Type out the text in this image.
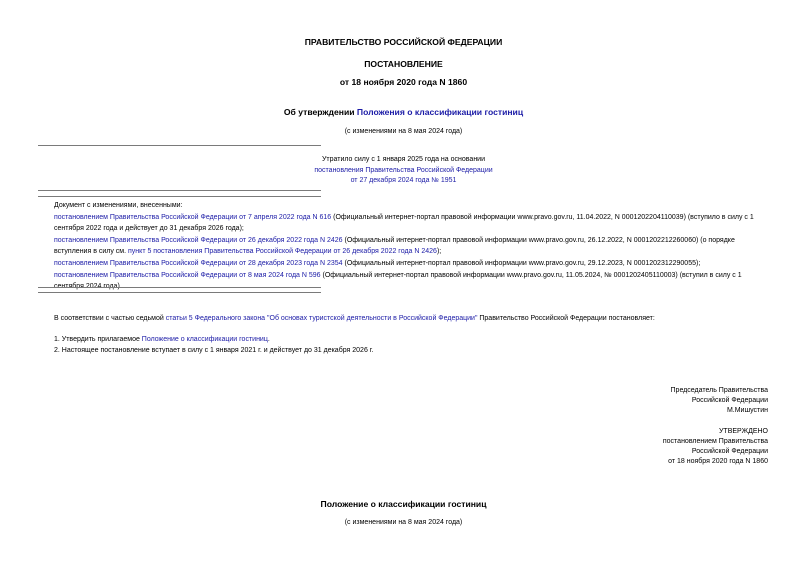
ПРАВИТЕЛЬСТВО РОССИЙСКОЙ ФЕДЕРАЦИИ
ПОСТАНОВЛЕНИЕ
от 18 ноября 2020 года N 1860
Об утверждении Положения о классификации гостиниц
(с изменениями на 8 мая 2024 года)
Утратило силу с 1 января 2025 года на основании
постановления Правительства Российской Федерации
от 27 декабря 2024 года № 1951
Документ с изменениями, внесенными:
постановлением Правительства Российской Федерации от 7 апреля 2022 года N 616 (Официальный интернет-портал правовой информации www.pravo.gov.ru, 11.04.2022, N 0001202204110039) (вступило в силу с 1 сентября 2022 года и действует до 31 декабря 2026 года);
постановлением Правительства Российской Федерации от 26 декабря 2022 года N 2426 (Официальный интернет-портал правовой информации www.pravo.gov.ru, 26.12.2022, N 0001202212260060) (о порядке вступления в силу см. пункт 5 постановления Правительства Российской Федерации от 26 декабря 2022 года N 2426);
постановлением Правительства Российской Федерации от 28 декабря 2023 года N 2354 (Официальный интернет-портал правовой информации www.pravo.gov.ru, 29.12.2023, N 0001202312290055);
постановлением Правительства Российской Федерации от 8 мая 2024 года N 596 (Официальный интернет-портал правовой информации www.pravo.gov.ru, 11.05.2024, № 0001202405110003) (вступил в силу с 1 сентября 2024 года).
В соответствии с частью седьмой статьи 5 Федерального закона "Об основах туристской деятельности в Российской Федерации" Правительство Российской Федерации постановляет:
1. Утвердить прилагаемое Положение о классификации гостиниц.
2. Настоящее постановление вступает в силу с 1 января 2021 г. и действует до 31 декабря 2026 г.
Председатель Правительства
Российской Федерации
М.Мишустин
УТВЕРЖДЕНО
постановлением Правительства
Российской Федерации
от 18 ноября 2020 года N 1860
Положение о классификации гостиниц
(с изменениями на 8 мая 2024 года)
